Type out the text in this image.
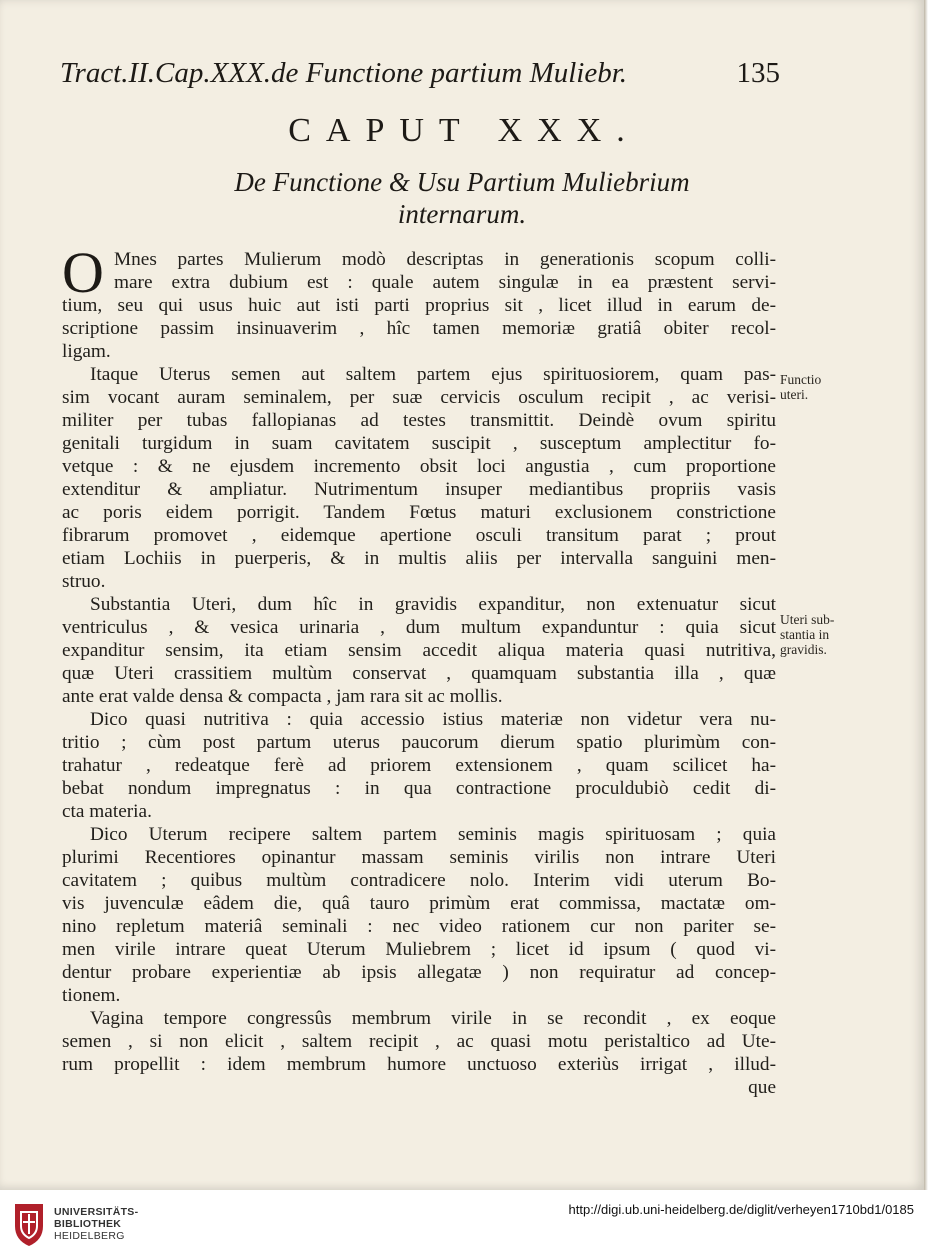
Tract.II.Cap.XXX.de Functione partium Muliebr.	135
CAPUT XXX.
De Functione & Usu Partium Muliebrium
internarum.
O Mnes partes Mulierum modò descriptas in generationis scopum colli-
mare extra dubium est : quale autem singulæ in ea præstent servi-
tium, seu qui usus huic aut isti parti proprius sit , licet illud in earum de-
scriptione passim insinuaverim , hîc tamen memoriæ gratiâ obiter recol-
ligam.
Itaque Uterus semen aut saltem partem ejus spirituosiorem, quam pas-
sim vocant auram seminalem, per suæ cervicis osculum recipit , ac verisi-
militer per tubas fallopianas ad testes transmittit. Deindè ovum spiritu
genitali turgidum in suam cavitatem suscipit , susceptum amplectitur fo-
vetque : & ne ejusdem incremento obsit loci angustia , cum proportione
extenditur & ampliatur. Nutrimentum insuper mediantibus propriis vasis
ac poris eidem porrigit. Tandem Fœtus maturi exclusionem constrictione
fibrarum promovet , eidemque apertione osculi transitum parat ; prout
etiam Lochiis in puerperis, & in multis aliis per intervalla sanguini men-
struo.
Substantia Uteri, dum hîc in gravidis expanditur, non extenuatur sicut
ventriculus , & vesica urinaria , dum multum expanduntur : quia sicut
expanditur sensim, ita etiam sensim accedit aliqua materia quasi nutritiva,
quæ Uteri crassitiem multùm conservat , quamquam substantia illa , quæ
ante erat valde densa & compacta , jam rara sit ac mollis.
Dico quasi nutritiva : quia accessio istius materiæ non videtur vera nu-
tritio ; cùm post partum uterus paucorum dierum spatio plurimùm con-
trahatur , redeatque ferè ad priorem extensionem , quam scilicet ha-
bebat nondum impregnatus : in qua contractione proculdubiò cedit di-
cta materia.
Dico Uterum recipere saltem partem seminis magis spirituosam ; quia
plurimi Recentiores opinantur massam seminis virilis non intrare Uteri
cavitatem ; quibus multùm contradicere nolo. Interim vidi uterum Bo-
vis juvenculæ eâdem die, quâ tauro primùm erat commissa, mactatæ om-
nino repletum materiâ seminali : nec video rationem cur non pariter se-
men virile intrare queat Uterum Muliebrem ; licet id ipsum ( quod vi-
dentur probare experientiæ ab ipsis allegatæ ) non requiratur ad concep-
tionem.
Vagina tempore congressûs membrum virile in se recondit , ex eoque
semen , si non elicit , saltem recipit , ac quasi motu peristaltico ad Ute-
rum propellit : idem membrum humore unctuoso exteriùs irrigat , illud-
que
Functio
uteri.
Uteri sub-
stantia in
gravidis.
UNIVERSITÄTS-
BIBLIOTHEK
HEIDELBERG
http://digi.ub.uni-heidelberg.de/diglit/verheyen1710bd1/0185
